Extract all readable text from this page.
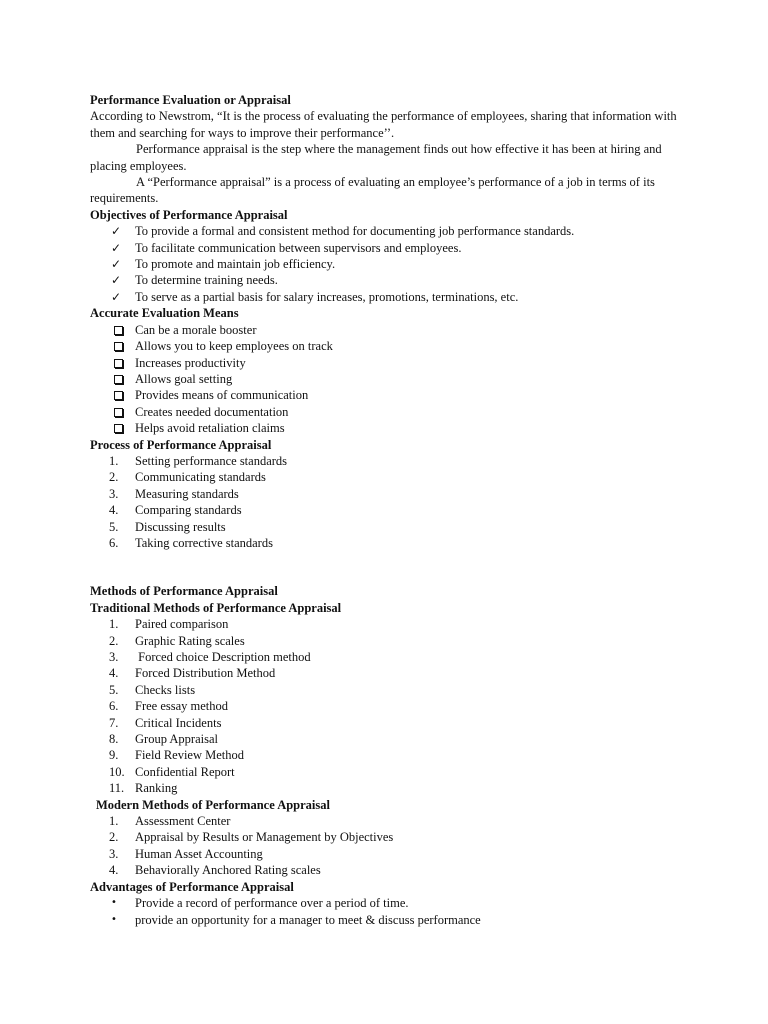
Performance Evaluation or Appraisal

According to Newstrom, “It is the process of evaluating the performance of employees, sharing that information with them and searching for ways to improve their performance’’.

Performance appraisal is the step where the management finds out how effective it has been at hiring and placing employees.

A “Performance appraisal” is a process of evaluating an employee’s performance of a job in terms of its requirements.

Objectives of Performance Appraisal
✓	To provide a formal and consistent method for documenting job performance standards.
✓	To facilitate communication between supervisors and employees.
✓	To promote and maintain job efficiency.
✓	To determine training needs.
✓	To serve as a partial basis for salary increases, promotions, terminations, etc.
Accurate Evaluation Means
Can be a morale booster
Allows you to keep employees on track
Increases productivity
Allows goal setting
Provides means of communication
Creates needed documentation
Helps avoid retaliation claims
Process of Performance Appraisal
1.	Setting performance standards
2.	Communicating standards
3.	Measuring standards
4.	Comparing standards
5.	Discussing results
6.	Taking corrective standards
Methods of Performance Appraisal
Traditional Methods of Performance Appraisal
1.	Paired comparison
2.	Graphic Rating scales
3.	Forced choice Description method
4.	Forced Distribution Method
5.	Checks lists
6.	Free essay method
7.	Critical Incidents
8.	Group Appraisal
9.	Field Review Method
10. Confidential Report
11. Ranking
Modern Methods of Performance Appraisal
1.	Assessment Center
2.	Appraisal by Results or Management by Objectives
3.	Human Asset Accounting
4.	Behaviorally Anchored Rating scales
Advantages of Performance Appraisal
•	Provide a record of performance over a period of time.
•	provide an opportunity for a manager to meet & discuss performance
